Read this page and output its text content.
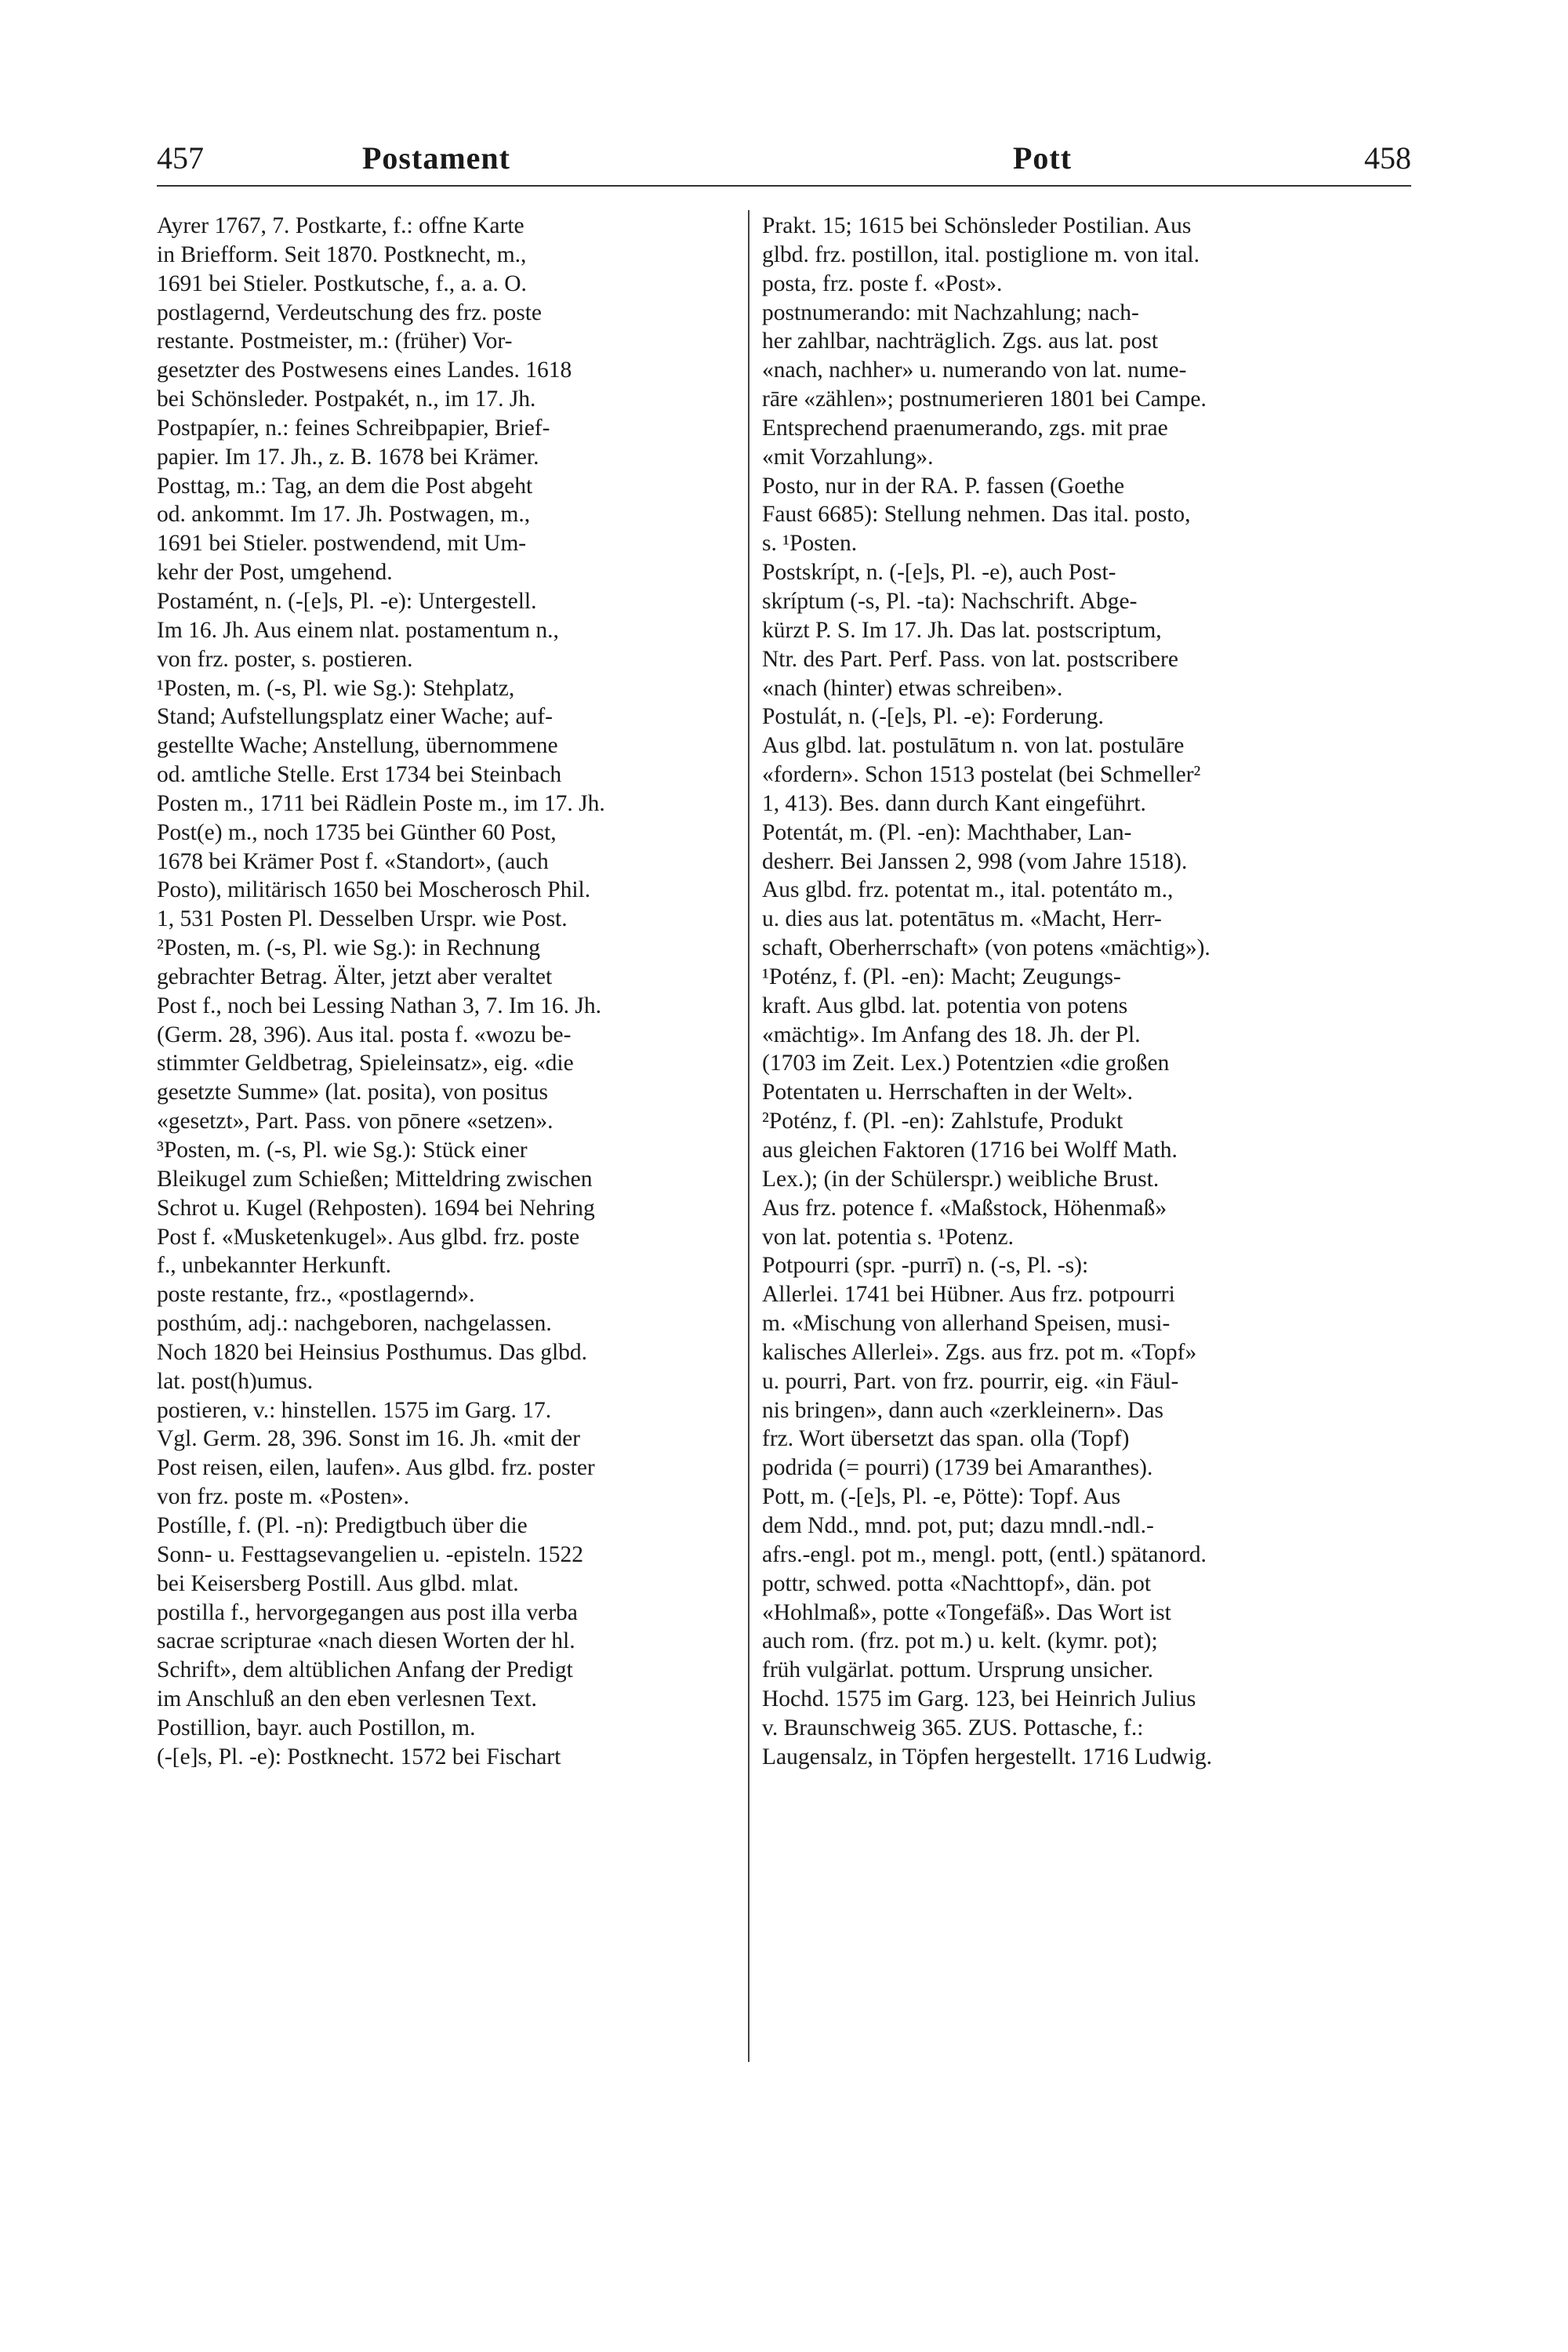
457	Postament	Pott	458
Ayrer 1767, 7. Postkarte, f.: offne Karte
in Briefform. Seit 1870. Postknecht, m.,
1691 bei Stieler. Postkutsche, f., a. a. O.
postlagernd, Verdeutschung des frz. poste
restante. Postmeister, m.: (früher) Vor-
gesetzter des Postwesens eines Landes. 1618
bei Schönsleder. Postpakét, n., im 17. Jh.
Postpapíer, n.: feines Schreibpapier, Brief-
papier. Im 17. Jh., z. B. 1678 bei Krämer.
Posttag, m.: Tag, an dem die Post abgeht
od. ankommt. Im 17. Jh. Postwagen, m.,
1691 bei Stieler. postwendend, mit Um-
kehr der Post, umgehend.
Postamént, n. (-[e]s, Pl. -e): Untergestell.
Im 16. Jh. Aus einem nlat. postamentum n.,
von frz. poster, s. postieren.
¹Posten, m. (-s, Pl. wie Sg.): Stehplatz,
Stand; Aufstellungsplatz einer Wache; auf-
gestellte Wache; Anstellung, übernommene
od. amtliche Stelle. Erst 1734 bei Steinbach
Posten m., 1711 bei Rädlein Poste m., im 17. Jh.
Post(e) m., noch 1735 bei Günther 60 Post,
1678 bei Krämer Post f. «Standort», (auch
Posto), militärisch 1650 bei Moscherosch Phil.
1, 531 Posten Pl. Desselben Urspr. wie Post.
²Posten, m. (-s, Pl. wie Sg.): in Rechnung
gebrachter Betrag. Älter, jetzt aber veraltet
Post f., noch bei Lessing Nathan 3, 7. Im 16. Jh.
(Germ. 28, 396). Aus ital. posta f. «wozu be-
stimmter Geldbetrag, Spieleinsatz», eig. «die
gesetzte Summe» (lat. posita), von positus
«gesetzt», Part. Pass. von pōnere «setzen».
³Posten, m. (-s, Pl. wie Sg.): Stück einer
Bleikugel zum Schießen; Mitteldring zwischen
Schrot u. Kugel (Rehposten). 1694 bei Nehring
Post f. «Musketenkugel». Aus glbd. frz. poste
f., unbekannter Herkunft.
poste restante, frz., «postlagernd».
posthúm, adj.: nachgeboren, nachgelassen.
Noch 1820 bei Heinsius Posthumus. Das glbd.
lat. post(h)umus.
postieren, v.: hinstellen. 1575 im Garg. 17.
Vgl. Germ. 28, 396. Sonst im 16. Jh. «mit der
Post reisen, eilen, laufen». Aus glbd. frz. poster
von frz. poste m. «Posten».
Postílle, f. (Pl. -n): Predigtbuch über die
Sonn- u. Festtagsevangelien u. -episteln. 1522
bei Keisersberg Postill. Aus glbd. mlat.
postilla f., hervorgegangen aus post illa verba
sacrae scripturae «nach diesen Worten der hl.
Schrift», dem altüblichen Anfang der Predigt
im Anschluß an den eben verlesnen Text.
Postillion, bayr. auch Postillon, m.
(-[e]s, Pl. -e): Postknecht. 1572 bei Fischart
Prakt. 15; 1615 bei Schönsleder Postilian. Aus
glbd. frz. postillon, ital. postiglione m. von ital.
posta, frz. poste f. «Post».
postnumerando: mit Nachzahlung; nach-
her zahlbar, nachträglich. Zgs. aus lat. post
«nach, nachher» u. numerando von lat. nume-
rāre «zählen»; postnumerieren 1801 bei Campe.
Entsprechend praenumerando, zgs. mit prae
«mit Vorzahlung».
Posto, nur in der RA. P. fassen (Goethe
Faust 6685): Stellung nehmen. Das ital. posto,
s. ¹Posten.
Postskrípt, n. (-[e]s, Pl. -e), auch Post-
skríptum (-s, Pl. -ta): Nachschrift. Abge-
kürzt P. S. Im 17. Jh. Das lat. postscriptum,
Ntr. des Part. Perf. Pass. von lat. postscribere
«nach (hinter) etwas schreiben».
Postulát, n. (-[e]s, Pl. -e): Forderung.
Aus glbd. lat. postulātum n. von lat. postulāre
«fordern». Schon 1513 postelat (bei Schmeller²
1, 413). Bes. dann durch Kant eingeführt.
Potentát, m. (Pl. -en): Machthaber, Lan-
desherr. Bei Janssen 2, 998 (vom Jahre 1518).
Aus glbd. frz. potentat m., ital. potentáto m.,
u. dies aus lat. potentātus m. «Macht, Herr-
schaft, Oberherrschaft» (von potens «mächtig»).
¹Poténz, f. (Pl. -en): Macht; Zeugungs-
kraft. Aus glbd. lat. potentia von potens
«mächtig». Im Anfang des 18. Jh. der Pl.
(1703 im Zeit. Lex.) Potentzien «die großen
Potentaten u. Herrschaften in der Welt».
²Poténz, f. (Pl. -en): Zahlstufe, Produkt
aus gleichen Faktoren (1716 bei Wolff Math.
Lex.); (in der Schülerspr.) weibliche Brust.
Aus frz. potence f. «Maßstock, Höhenmaß»
von lat. potentia s. ¹Potenz.
Potpourri (spr. -purrī) n. (-s, Pl. -s):
Allerlei. 1741 bei Hübner. Aus frz. potpourri
m. «Mischung von allerhand Speisen, musi-
kalisches Allerlei». Zgs. aus frz. pot m. «Topf»
u. pourri, Part. von frz. pourrir, eig. «in Fäul-
nis bringen», dann auch «zerkleinern». Das
frz. Wort übersetzt das span. olla (Topf)
podrida (= pourri) (1739 bei Amaranthes).
Pott, m. (-[e]s, Pl. -e, Pötte): Topf. Aus
dem Ndd., mnd. pot, put; dazu mndl.-ndl.-
afrs.-engl. pot m., mengl. pott, (entl.) spätanord.
pottr, schwed. potta «Nachttopf», dän. pot
«Hohlmaß», potte «Tongefäß». Das Wort ist
auch rom. (frz. pot m.) u. kelt. (kymr. pot);
früh vulgärlat. pottum. Ursprung unsicher.
Hochd. 1575 im Garg. 123, bei Heinrich Julius
v. Braunschweig 365. ZUS. Pottasche, f.:
Laugensalz, in Töpfen hergestellt. 1716 Ludwig.
